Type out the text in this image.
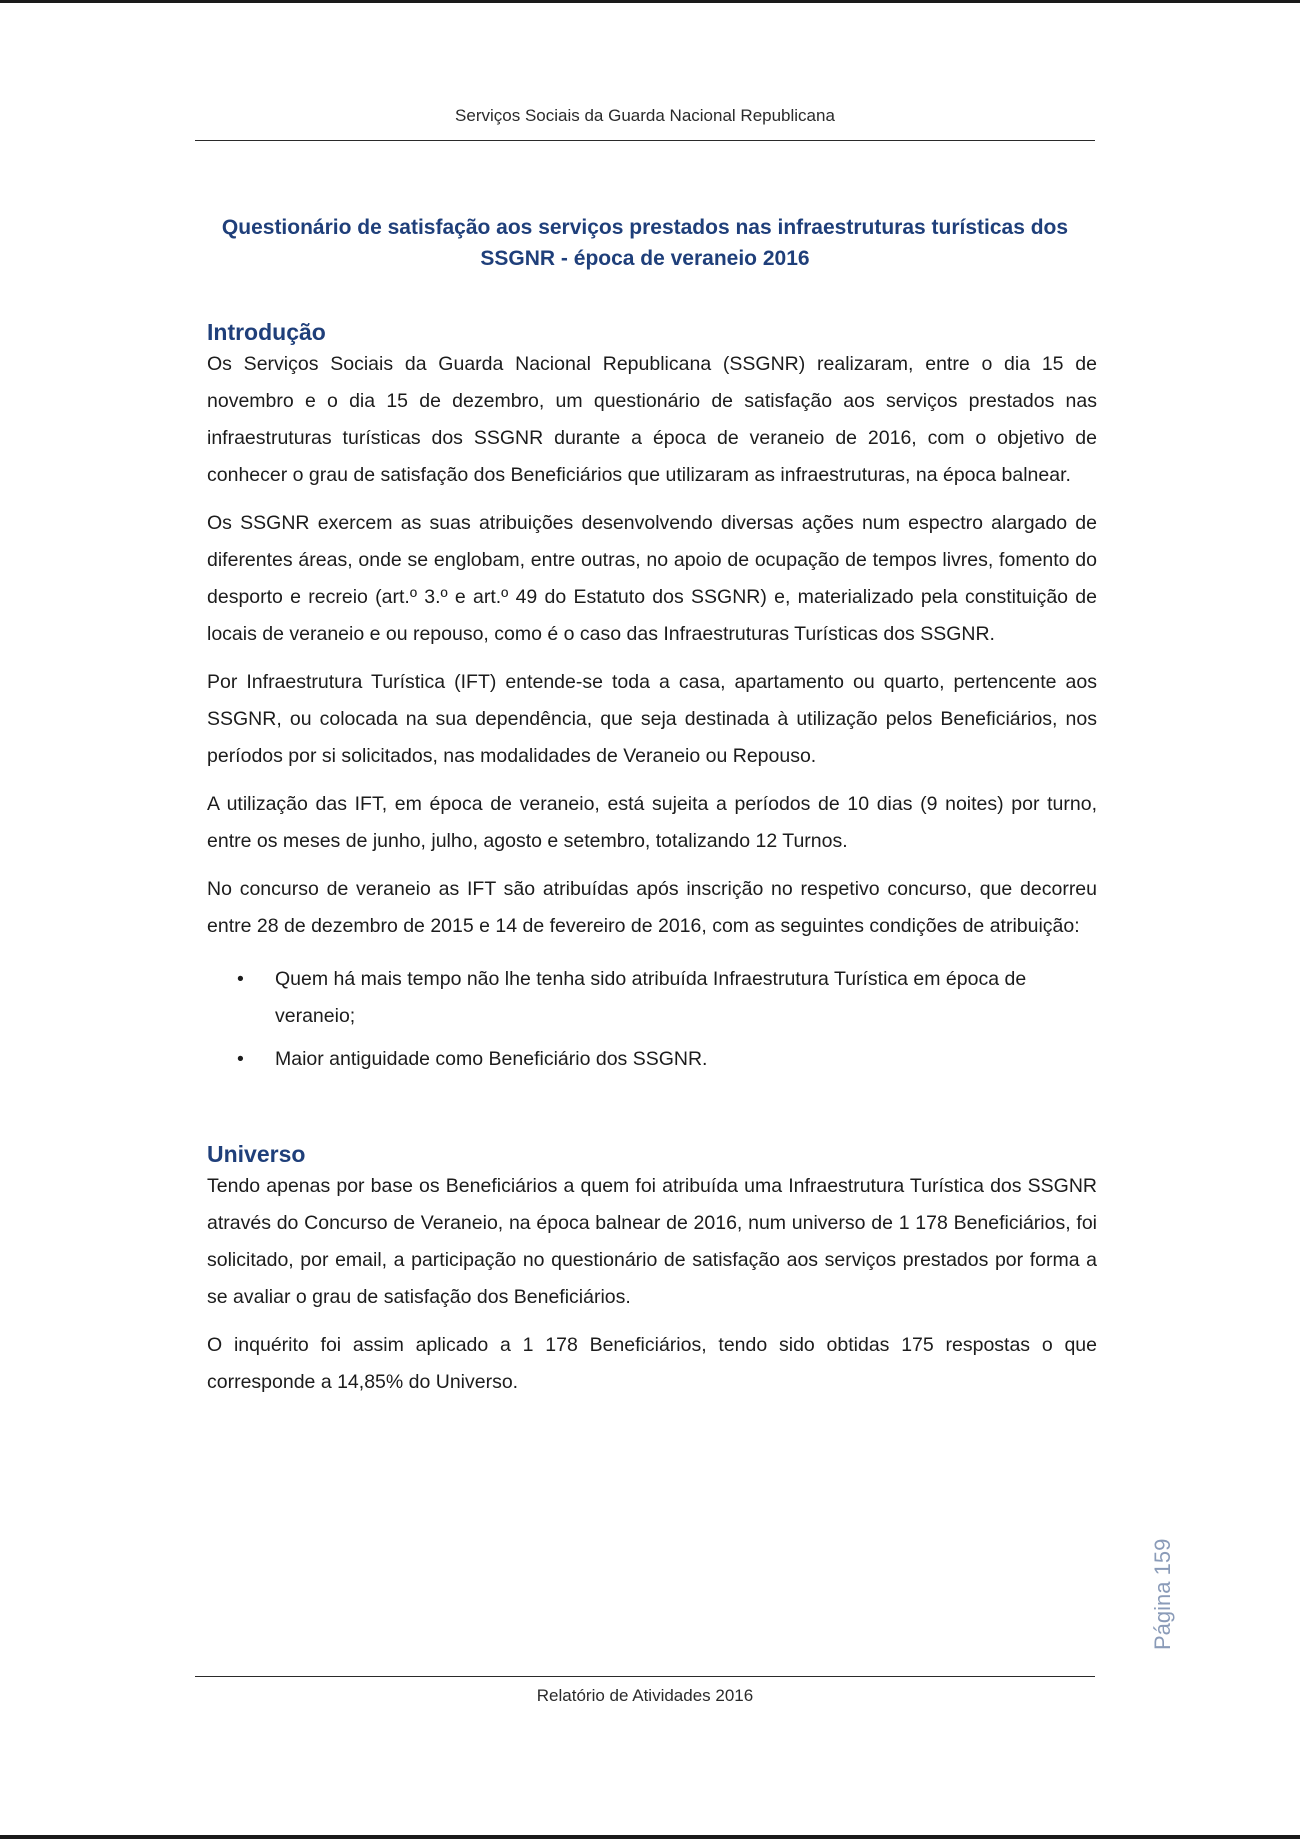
Serviços Sociais da Guarda Nacional Republicana
Questionário de satisfação aos serviços prestados nas infraestruturas turísticas dos
SSGNR - época de veraneio 2016
Introdução

Os Serviços Sociais da Guarda Nacional Republicana (SSGNR) realizaram, entre o dia 15 de novembro e o dia 15 de dezembro, um questionário de satisfação aos serviços prestados nas infraestruturas turísticas dos SSGNR durante a época de veraneio de 2016, com o objetivo de conhecer o grau de satisfação dos Beneficiários que utilizaram as infraestruturas, na época balnear.

Os SSGNR exercem as suas atribuições desenvolvendo diversas ações num espectro alargado de diferentes áreas, onde se englobam, entre outras, no apoio de ocupação de tempos livres, fomento do desporto e recreio (art.º 3.º e art.º 49 do Estatuto dos SSGNR) e, materializado pela constituição de locais de veraneio e ou repouso, como é o caso das Infraestruturas Turísticas dos SSGNR.

Por Infraestrutura Turística (IFT) entende-se toda a casa, apartamento ou quarto, pertencente aos SSGNR, ou colocada na sua dependência, que seja destinada à utilização pelos Beneficiários, nos períodos por si solicitados, nas modalidades de Veraneio ou Repouso.

A utilização das IFT, em época de veraneio, está sujeita a períodos de 10 dias (9 noites) por turno, entre os meses de junho, julho, agosto e setembro, totalizando 12 Turnos.

No concurso de veraneio as IFT são atribuídas após inscrição no respetivo concurso, que decorreu entre 28 de dezembro de 2015 e 14 de fevereiro de 2016, com as seguintes condições de atribuição:

• Quem há mais tempo não lhe tenha sido atribuída Infraestrutura Turística em época de veraneio;
• Maior antiguidade como Beneficiário dos SSGNR.
Universo

Tendo apenas por base os Beneficiários a quem foi atribuída uma Infraestrutura Turística dos SSGNR através do Concurso de Veraneio, na época balnear de 2016, num universo de 1 178 Beneficiários, foi solicitado, por email, a participação no questionário de satisfação aos serviços prestados por forma a se avaliar o grau de satisfação dos Beneficiários.

O inquérito foi assim aplicado a 1 178 Beneficiários, tendo sido obtidas 175 respostas o que corresponde a 14,85% do Universo.

Página 159
Relatório de Atividades 2016
